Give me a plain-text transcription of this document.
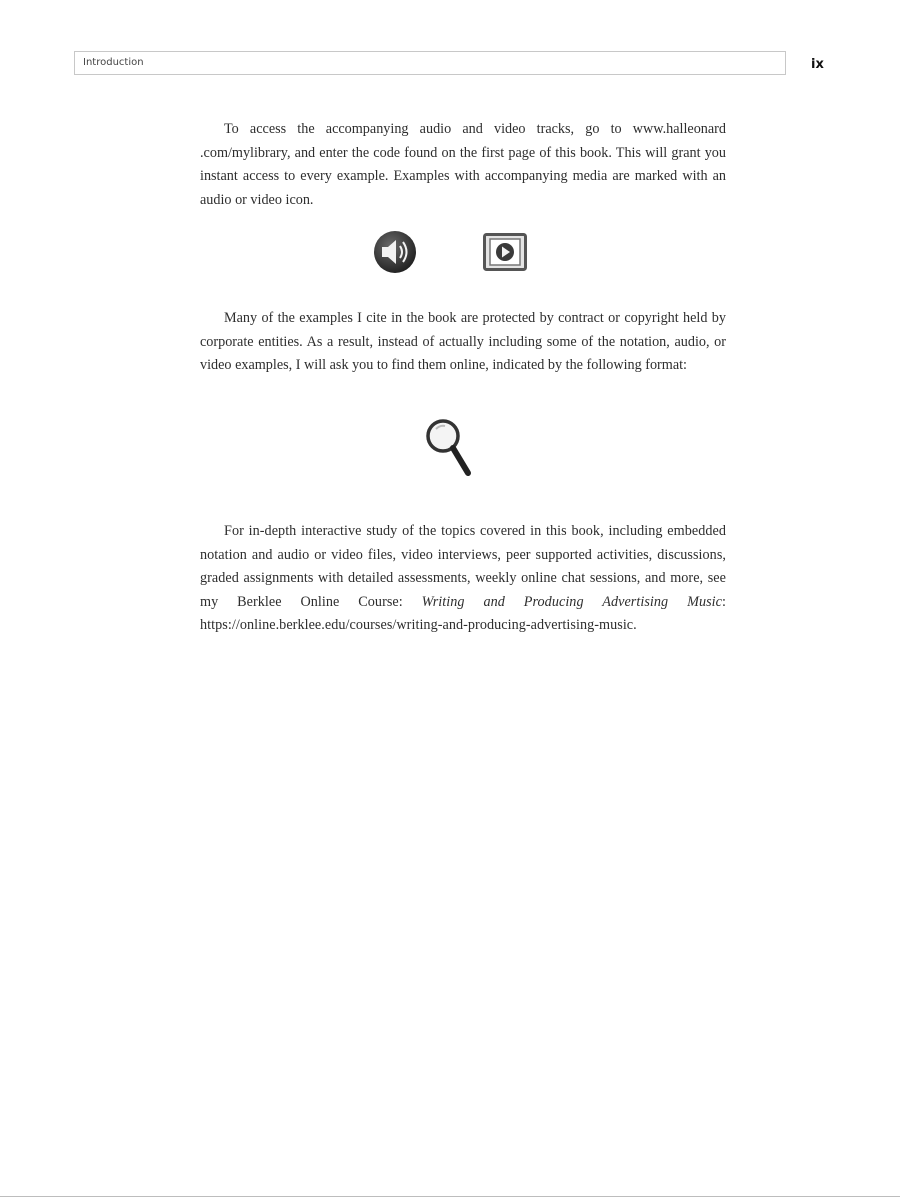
Introduction	ix

To access the accompanying audio and video tracks, go to www.halleonard .com/mylibrary, and enter the code found on the first page of this book. This will grant you instant access to every example. Examples with accompanying media are marked with an audio or video icon.

Many of the examples I cite in the book are protected by contract or copyright held by corporate entities. As a result, instead of actually including some of the notation, audio, or video examples, I will ask you to find them online, indicated by the following format:

For in-depth interactive study of the topics covered in this book, including embedded notation and audio or video files, video interviews, peer supported activities, discussions, graded assignments with detailed assessments, weekly online chat sessions, and more, see my Berklee Online Course: Writing and Producing Advertising Music: https://online.berklee.edu/courses/writing-and-producing-advertising-music.
